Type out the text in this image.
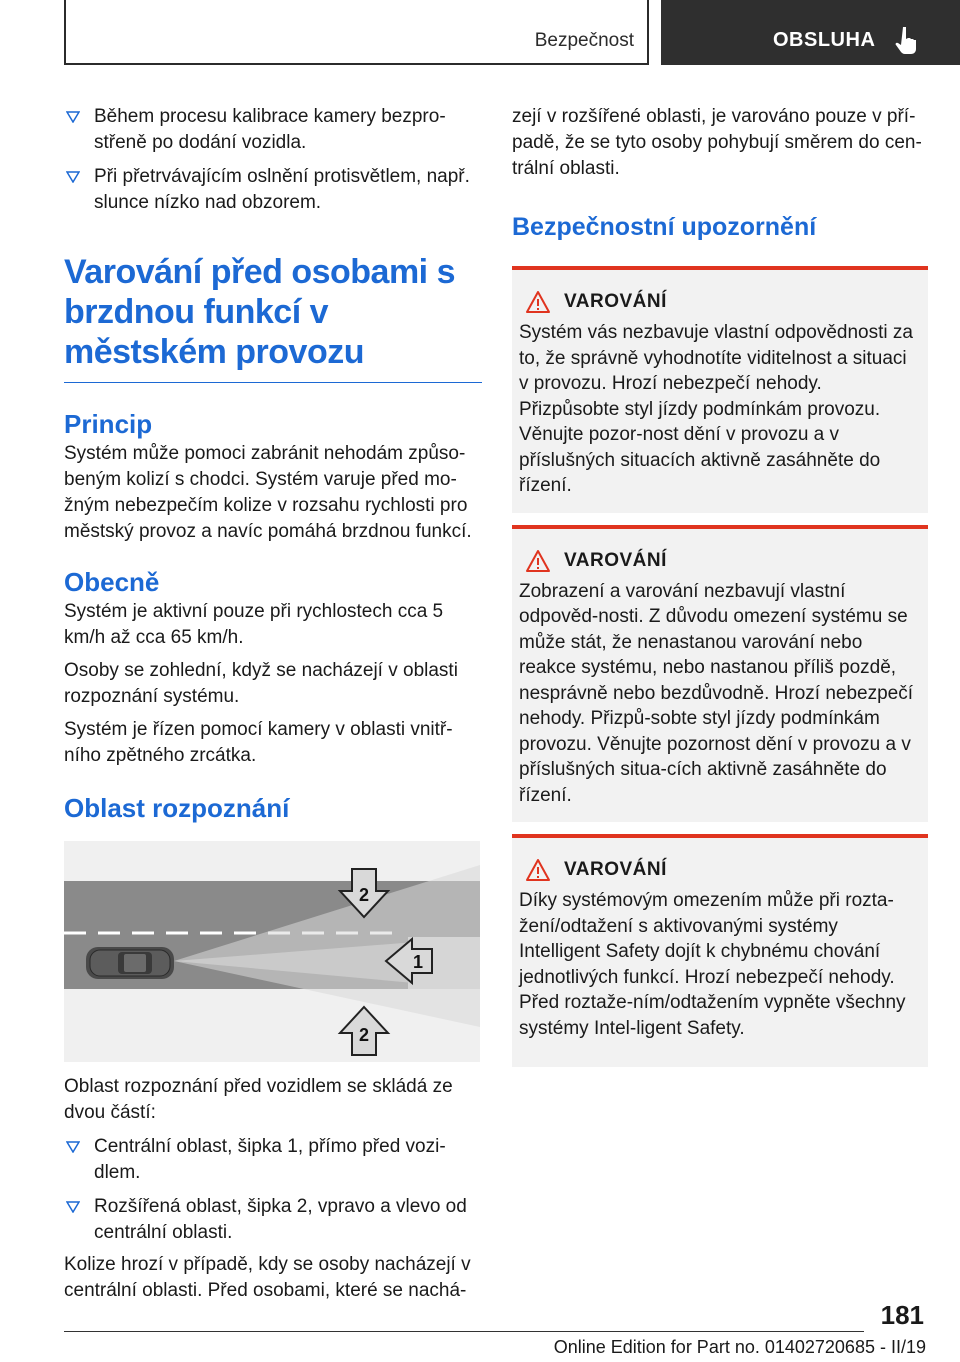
Bezpečnost	OBSLUHA
Během procesu kalibrace kamery bezpro-střeně po dodání vozidla.
Při přetrvávajícím oslnění protisvětlem, např. slunce nízko nad obzorem.
Varování před osobami s brzdnou funkcí v městském provozu
Princip

Systém může pomoci zabránit nehodám způso-beným kolizí s chodci. Systém varuje před mo-žným nebezpečím kolize v rozsahu rychlosti pro městský provoz a navíc pomáhá brzdnou funkcí.

Obecně

Systém je aktivní pouze při rychlostech cca 5 km/h až cca 65 km/h.

Osoby se zohlední, když se nacházejí v oblasti rozpoznání systému.

Systém je řízen pomocí kamery v oblasti vnitř-ního zpětného zrcátka.

Oblast rozpoznání
2
1
2

Oblast rozpoznání před vozidlem se skládá ze dvou částí:

Centrální oblast, šipka 1, přímo před vozi-dlem.
Rozšířená oblast, šipka 2, vpravo a vlevo od centrální oblasti.

Kolize hrozí v případě, kdy se osoby nacházejí v centrální oblasti. Před osobami, které se nachá-

zejí v rozšířené oblasti, je varováno pouze v pří-padě, že se tyto osoby pohybují směrem do cen-trální oblasti.

Bezpečnostní upozornění
VAROVÁNÍ

Systém vás nezbavuje vlastní odpovědnosti za to, že správně vyhodnotíte viditelnost a situaci v provozu. Hrozí nebezpečí nehody. Přizpůsobte styl jízdy podmínkám provozu. Věnujte pozor-nost dění v provozu a v příslušných situacích aktivně zasáhněte do řízení.

VAROVÁNÍ

Zobrazení a varování nezbavují vlastní odpověd-nosti. Z důvodu omezení systému se může stát, že nenastanou varování nebo reakce systému, nebo nastanou příliš pozdě, nesprávně nebo bezdůvodně. Hrozí nebezpečí nehody. Přizpů-sobte styl jízdy podmínkám provozu. Věnujte pozornost dění v provozu a v příslušných situa-cích aktivně zasáhněte do řízení.

VAROVÁNÍ

Díky systémovým omezením může při rozta-žení/odtažení s aktivovanými systémy Intelligent Safety dojít k chybnému chování jednotlivých funkcí. Hrozí nebezpečí nehody. Před roztaže-ním/odtažením vypněte všechny systémy Intel-ligent Safety.

181
Online Edition for Part no. 01402720685 - II/19
